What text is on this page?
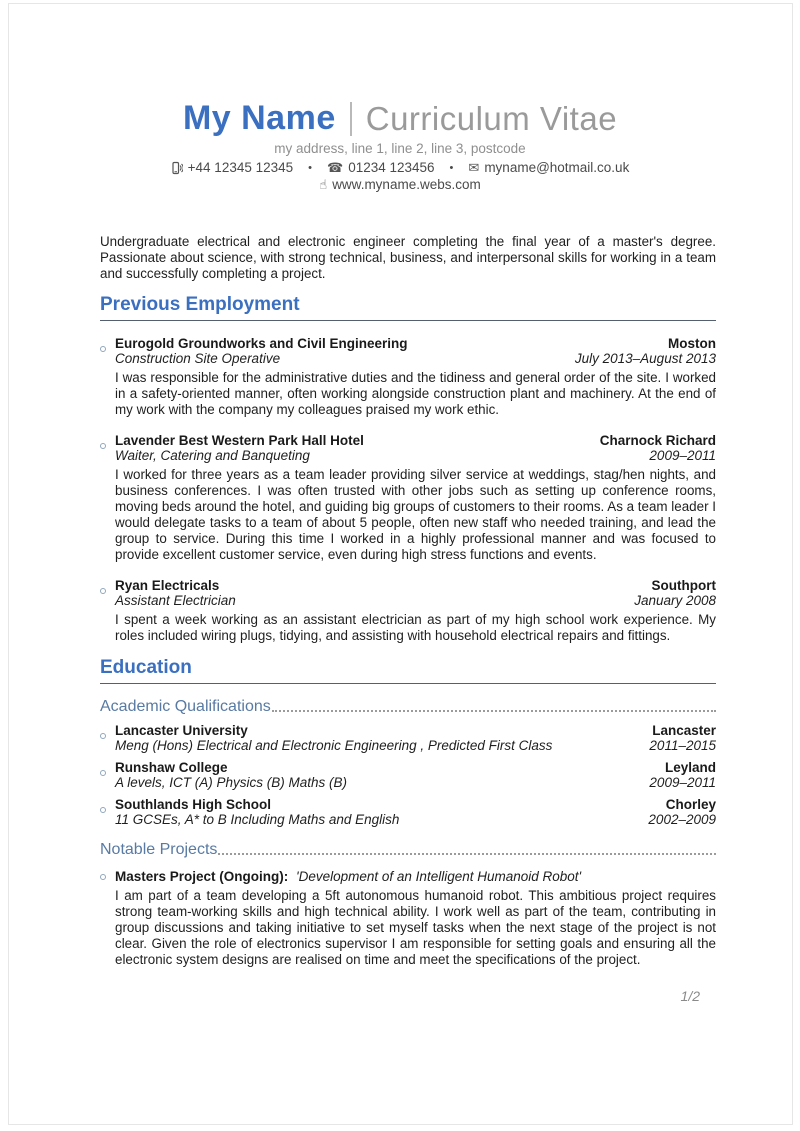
My Name Curriculum Vitae
my address, line 1, line 2, line 3, postcode
+44 12345 12345	•	☎ 01234 123456	•	✉ myname@hotmail.co.uk
☝ www.myname.webs.com

Undergraduate electrical and electronic engineer completing the final year of a master's degree. Passionate about science, with strong technical, business, and interpersonal skills for working in a team and successfully completing a project.

Previous Employment
Eurogold Groundworks and Civil Engineering	Moston
Construction Site Operative	July 2013–August 2013

I was responsible for the administrative duties and the tidiness and general order of the site. I worked in a safety-oriented manner, often working alongside construction plant and machinery. At the end of my work with the company my colleagues praised my work ethic.

Lavender Best Western Park Hall Hotel	Charnock Richard
Waiter, Catering and Banqueting	2009–2011

I worked for three years as a team leader providing silver service at weddings, stag/hen nights, and business conferences. I was often trusted with other jobs such as setting up conference rooms, moving beds around the hotel, and guiding big groups of customers to their rooms. As a team leader I would delegate tasks to a team of about 5 people, often new staff who needed training, and lead the group to service. During this time I worked in a highly professional manner and was focused to provide excellent customer service, even during high stress functions and events.

Ryan Electricals	Southport
Assistant Electrician	January 2008

I spent a week working as an assistant electrician as part of my high school work experience. My roles included wiring plugs, tidying, and assisting with household electrical repairs and fittings.

Education
Academic Qualifications
Lancaster University	Lancaster
Meng (Hons) Electrical and Electronic Engineering , Predicted First Class	2011–2015
Runshaw College	Leyland
A levels, ICT (A) Physics (B) Maths (B)	2009–2011
Southlands High School	Chorley
11 GCSEs, A* to B Including Maths and English	2002–2009
Notable Projects
Masters Project (Ongoing): 'Development of an Intelligent Humanoid Robot'

I am part of a team developing a 5ft autonomous humanoid robot. This ambitious project requires strong team-working skills and high technical ability. I work well as part of the team, contributing in group discussions and taking initiative to set myself tasks when the next stage of the project is not clear. Given the role of electronics supervisor I am responsible for setting goals and ensuring all the electronic system designs are realised on time and meet the specifications of the project.

1/2
